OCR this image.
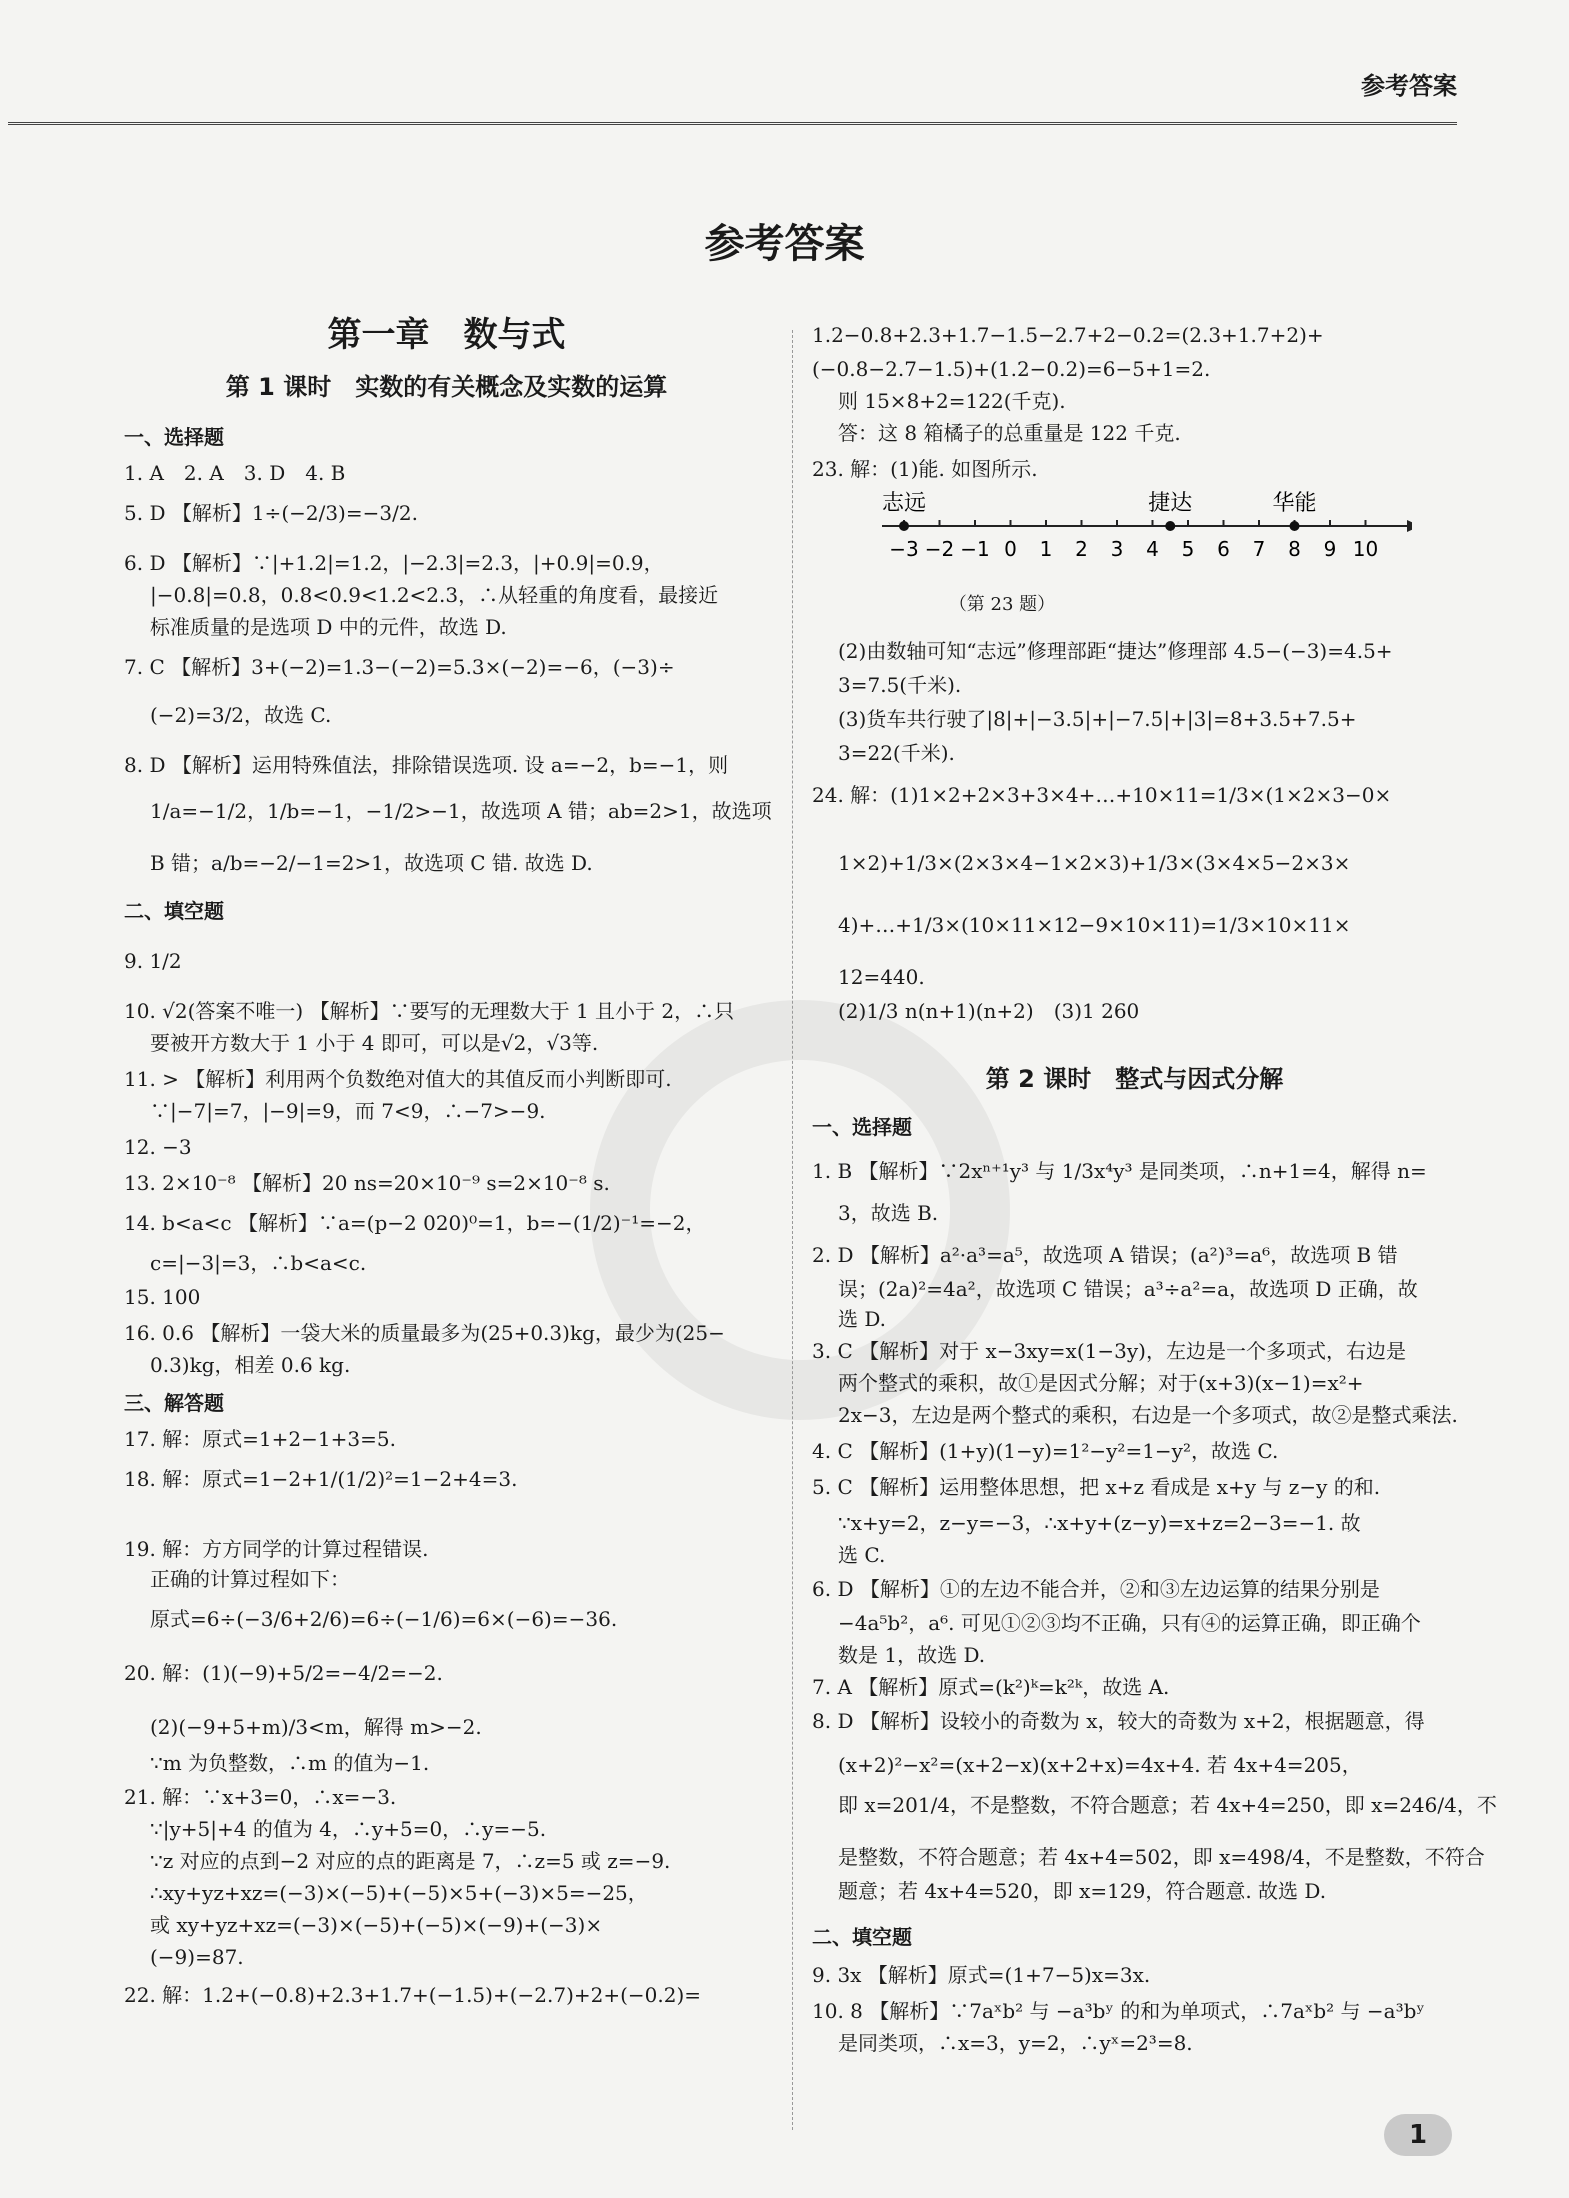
参考答案
参考答案
第一章　数与式
第 1 课时　实数的有关概念及实数的运算
一、选择题
二、填空题
三、解答题

1. A　2. A　3. D　4. B

5. D 【解析】1÷(−2/3)=−3/2.

6. D 【解析】∵|+1.2|=1.2，|−2.3|=2.3，|+0.9|=0.9，

|−0.8|=0.8，0.8<0.9<1.2<2.3，∴从轻重的角度看，最接近

标准质量的是选项 D 中的元件，故选 D.

7. C 【解析】3+(−2)=1.3−(−2)=5.3×(−2)=−6，(−3)÷

(−2)=3/2，故选 C.

8. D 【解析】运用特殊值法，排除错误选项. 设 a=−2，b=−1，则

1/a=−1/2，1/b=−1，−1/2>−1，故选项 A 错；ab=2>1，故选项

B 错；a/b=−2/−1=2>1，故选项 C 错. 故选 D.

9. 1/2

10. √2(答案不唯一) 【解析】∵要写的无理数大于 1 且小于 2，∴只

要被开方数大于 1 小于 4 即可，可以是√2，√3等.

11. > 【解析】利用两个负数绝对值大的其值反而小判断即可.

∵|−7|=7，|−9|=9，而 7<9，∴−7>−9.

12. −3

13. 2×10⁻⁸ 【解析】20 ns=20×10⁻⁹ s=2×10⁻⁸ s.

14. b<a<c 【解析】∵a=(p−2 020)⁰=1，b=−(1/2)⁻¹=−2，

c=|−3|=3，∴b<a<c.

15. 100

16. 0.6 【解析】一袋大米的质量最多为(25+0.3)kg，最少为(25−

0.3)kg，相差 0.6 kg.

17. 解：原式=1+2−1+3=5.

18. 解：原式=1−2+1/(1/2)²=1−2+4=3.

19. 解：方方同学的计算过程错误.

正确的计算过程如下：

原式=6÷(−3/6+2/6)=6÷(−1/6)=6×(−6)=−36.

20. 解：(1)(−9)+5/2=−4/2=−2.

(2)(−9+5+m)/3<m，解得 m>−2.

∵m 为负整数，∴m 的值为−1.

21. 解：∵x+3=0，∴x=−3.

∵|y+5|+4 的值为 4，∴y+5=0，∴y=−5.

∵z 对应的点到−2 对应的点的距离是 7，∴z=5 或 z=−9.

∴xy+yz+xz=(−3)×(−5)+(−5)×5+(−3)×5=−25，

或 xy+yz+xz=(−3)×(−5)+(−5)×(−9)+(−3)×

(−9)=87.

22. 解：1.2+(−0.8)+2.3+1.7+(−1.5)+(−2.7)+2+(−0.2)=

−3 −2 −1 0 1 2 3 4 5 6 7 8 9 10
志远	捷达	华能
（第 23 题）
第 2 课时　整式与因式分解
一、选择题
二、填空题

1.2−0.8+2.3+1.7−1.5−2.7+2−0.2=(2.3+1.7+2)+

(−0.8−2.7−1.5)+(1.2−0.2)=6−5+1=2.

则 15×8+2=122(千克).

答：这 8 箱橘子的总重量是 122 千克.

23. 解：(1)能. 如图所示.

(2)由数轴可知“志远”修理部距“捷达”修理部 4.5−(−3)=4.5+

3=7.5(千米).

(3)货车共行驶了|8|+|−3.5|+|−7.5|+|3|=8+3.5+7.5+

3=22(千米).

24. 解：(1)1×2+2×3+3×4+…+10×11=1/3×(1×2×3−0×

1×2)+1/3×(2×3×4−1×2×3)+1/3×(3×4×5−2×3×

4)+…+1/3×(10×11×12−9×10×11)=1/3×10×11×

12=440.

(2)1/3 n(n+1)(n+2)　(3)1 260

1. B 【解析】∵2xⁿ⁺¹y³ 与 1/3x⁴y³ 是同类项，∴n+1=4，解得 n=

3，故选 B.

2. D 【解析】a²·a³=a⁵，故选项 A 错误；(a²)³=a⁶，故选项 B 错

误；(2a)²=4a²，故选项 C 错误；a³÷a²=a，故选项 D 正确，故

选 D.

3. C 【解析】对于 x−3xy=x(1−3y)，左边是一个多项式，右边是

两个整式的乘积，故①是因式分解；对于(x+3)(x−1)=x²+

2x−3，左边是两个整式的乘积，右边是一个多项式，故②是整式乘法.

4. C 【解析】(1+y)(1−y)=1²−y²=1−y²，故选 C.

5. C 【解析】运用整体思想，把 x+z 看成是 x+y 与 z−y 的和.

∵x+y=2，z−y=−3，∴x+y+(z−y)=x+z=2−3=−1. 故

选 C.

6. D 【解析】①的左边不能合并，②和③左边运算的结果分别是

−4a⁵b²，a⁶. 可见①②③均不正确，只有④的运算正确，即正确个

数是 1，故选 D.

7. A 【解析】原式=(k²)ᵏ=k²ᵏ，故选 A.

8. D 【解析】设较小的奇数为 x，较大的奇数为 x+2，根据题意，得

(x+2)²−x²=(x+2−x)(x+2+x)=4x+4. 若 4x+4=205，

即 x=201/4，不是整数，不符合题意；若 4x+4=250，即 x=246/4，不

是整数，不符合题意；若 4x+4=502，即 x=498/4，不是整数，不符合

题意；若 4x+4=520，即 x=129，符合题意. 故选 D.

9. 3x 【解析】原式=(1+7−5)x=3x.

10. 8 【解析】∵7aˣb² 与 −a³bʸ 的和为单项式，∴7aˣb² 与 −a³bʸ

是同类项，∴x=3，y=2，∴yˣ=2³=8.

1
